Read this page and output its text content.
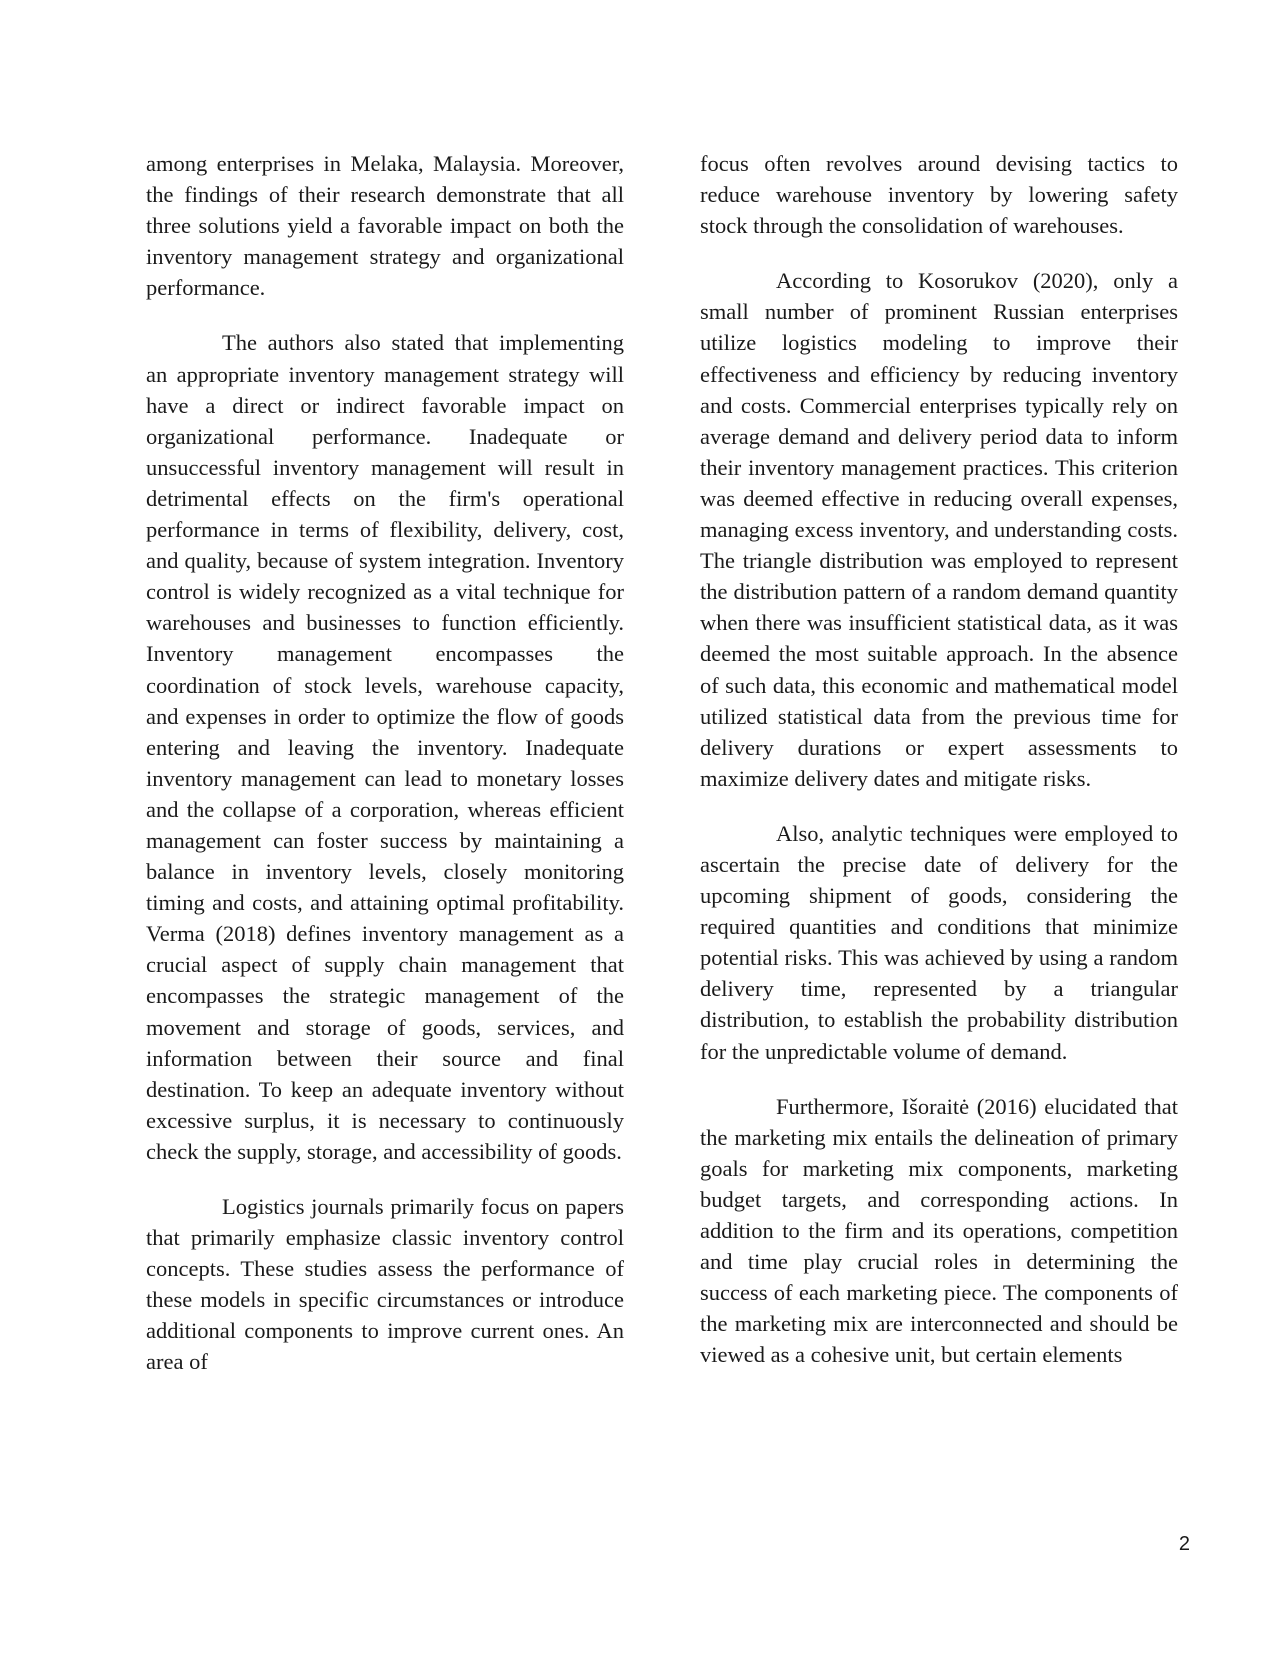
among enterprises in Melaka, Malaysia. Moreover, the findings of their research demonstrate that all three solutions yield a favorable impact on both the inventory management strategy and organizational performance.

The authors also stated that implementing an appropriate inventory management strategy will have a direct or indirect favorable impact on organizational performance. Inadequate or unsuccessful inventory management will result in detrimental effects on the firm's operational performance in terms of flexibility, delivery, cost, and quality, because of system integration. Inventory control is widely recognized as a vital technique for warehouses and businesses to function efficiently. Inventory management encompasses the coordination of stock levels, warehouse capacity, and expenses in order to optimize the flow of goods entering and leaving the inventory. Inadequate inventory management can lead to monetary losses and the collapse of a corporation, whereas efficient management can foster success by maintaining a balance in inventory levels, closely monitoring timing and costs, and attaining optimal profitability. Verma (2018) defines inventory management as a crucial aspect of supply chain management that encompasses the strategic management of the movement and storage of goods, services, and information between their source and final destination. To keep an adequate inventory without excessive surplus, it is necessary to continuously check the supply, storage, and accessibility of goods.

Logistics journals primarily focus on papers that primarily emphasize classic inventory control concepts. These studies assess the performance of these models in specific circumstances or introduce additional components to improve current ones. An area of

focus often revolves around devising tactics to reduce warehouse inventory by lowering safety stock through the consolidation of warehouses.

According to Kosorukov (2020), only a small number of prominent Russian enterprises utilize logistics modeling to improve their effectiveness and efficiency by reducing inventory and costs. Commercial enterprises typically rely on average demand and delivery period data to inform their inventory management practices. This criterion was deemed effective in reducing overall expenses, managing excess inventory, and understanding costs. The triangle distribution was employed to represent the distribution pattern of a random demand quantity when there was insufficient statistical data, as it was deemed the most suitable approach. In the absence of such data, this economic and mathematical model utilized statistical data from the previous time for delivery durations or expert assessments to maximize delivery dates and mitigate risks.

Also, analytic techniques were employed to ascertain the precise date of delivery for the upcoming shipment of goods, considering the required quantities and conditions that minimize potential risks. This was achieved by using a random delivery time, represented by a triangular distribution, to establish the probability distribution for the unpredictable volume of demand.

Furthermore, Išoraitė (2016) elucidated that the marketing mix entails the delineation of primary goals for marketing mix components, marketing budget targets, and corresponding actions. In addition to the firm and its operations, competition and time play crucial roles in determining the success of each marketing piece. The components of the marketing mix are interconnected and should be viewed as a cohesive unit, but certain elements

2
